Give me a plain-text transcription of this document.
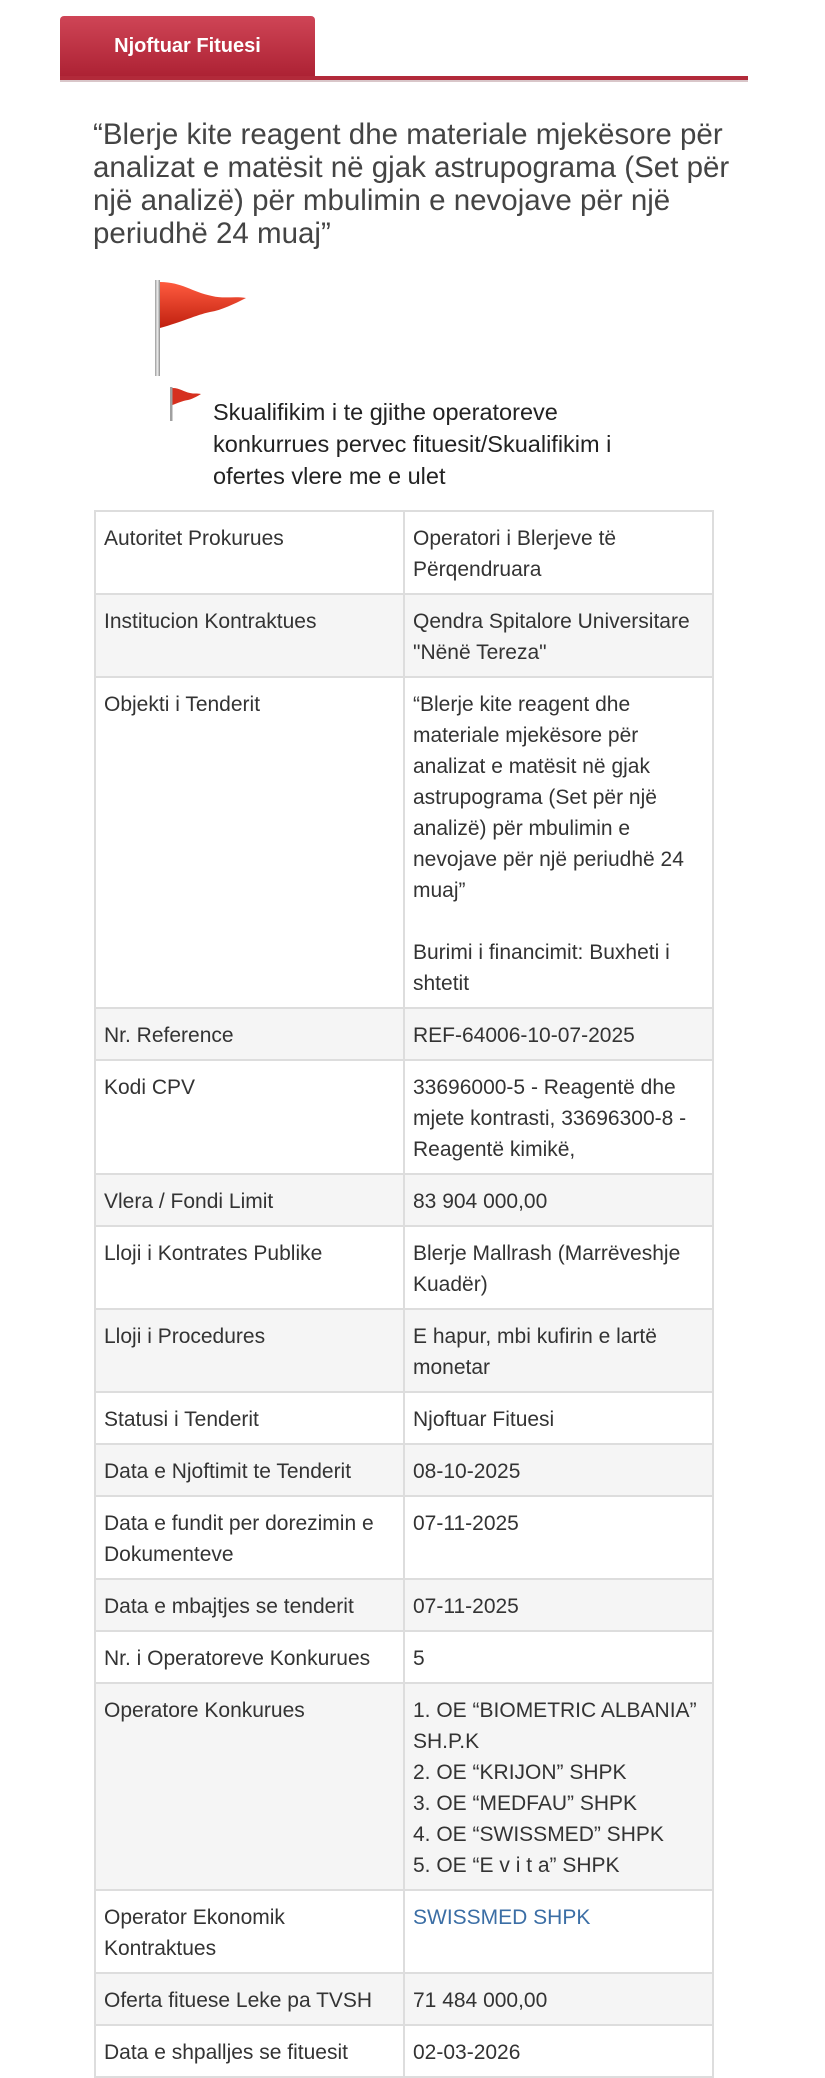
Njoftuar Fituesi
“Blerje kite reagent dhe materiale mjekësore për analizat e matësit në gjak astrupograma (Set për një analizë) për mbulimin e nevojave për një periudhë 24 muaj”
Skualifikim i te gjithe operatoreve konkurrues pervec fituesit/Skualifikim i ofertes vlere me e ulet
Autoritet Prokurues	Operatori i Blerjeve të Përqendruara
Institucion Kontraktues	Qendra Spitalore Universitare "Nënë Tereza"
Objekti i Tenderit	“Blerje kite reagent dhe materiale mjekësore për analizat e matësit në gjak astrupograma (Set për një analizë) për mbulimin e nevojave për një periudhë 24 muaj”
Burimi i financimit: Buxheti i shtetit

Nr. Reference	REF-64006-10-07-2025
Kodi CPV	33696000-5 - Reagentë dhe mjete kontrasti, 33696300-8 - Reagentë kimikë,
Vlera / Fondi Limit	83 904 000,00
Lloji i Kontrates Publike	Blerje Mallrash (Marrëveshje Kuadër)
Lloji i Procedures	E hapur, mbi kufirin e lartë monetar
Statusi i Tenderit	Njoftuar Fituesi
Data e Njoftimit te Tenderit	08-10-2025
Data e fundit per dorezimin e Dokumenteve	07-11-2025
Data e mbajtjes se tenderit	07-11-2025
Nr. i Operatoreve Konkurues	5
Operatore Konkurues	1. OE “BIOMETRIC ALBANIA” SH.P.K
2. OE “KRIJON” SHPK
3. OE “MEDFAU” SHPK
4. OE “SWISSMED” SHPK
5. OE “E v i t a” SHPK

Operator Ekonomik Kontraktues	SWISSMED SHPK
Oferta fituese Leke pa TVSH	71 484 000,00
Data e shpalljes se fituesit	02-03-2026
